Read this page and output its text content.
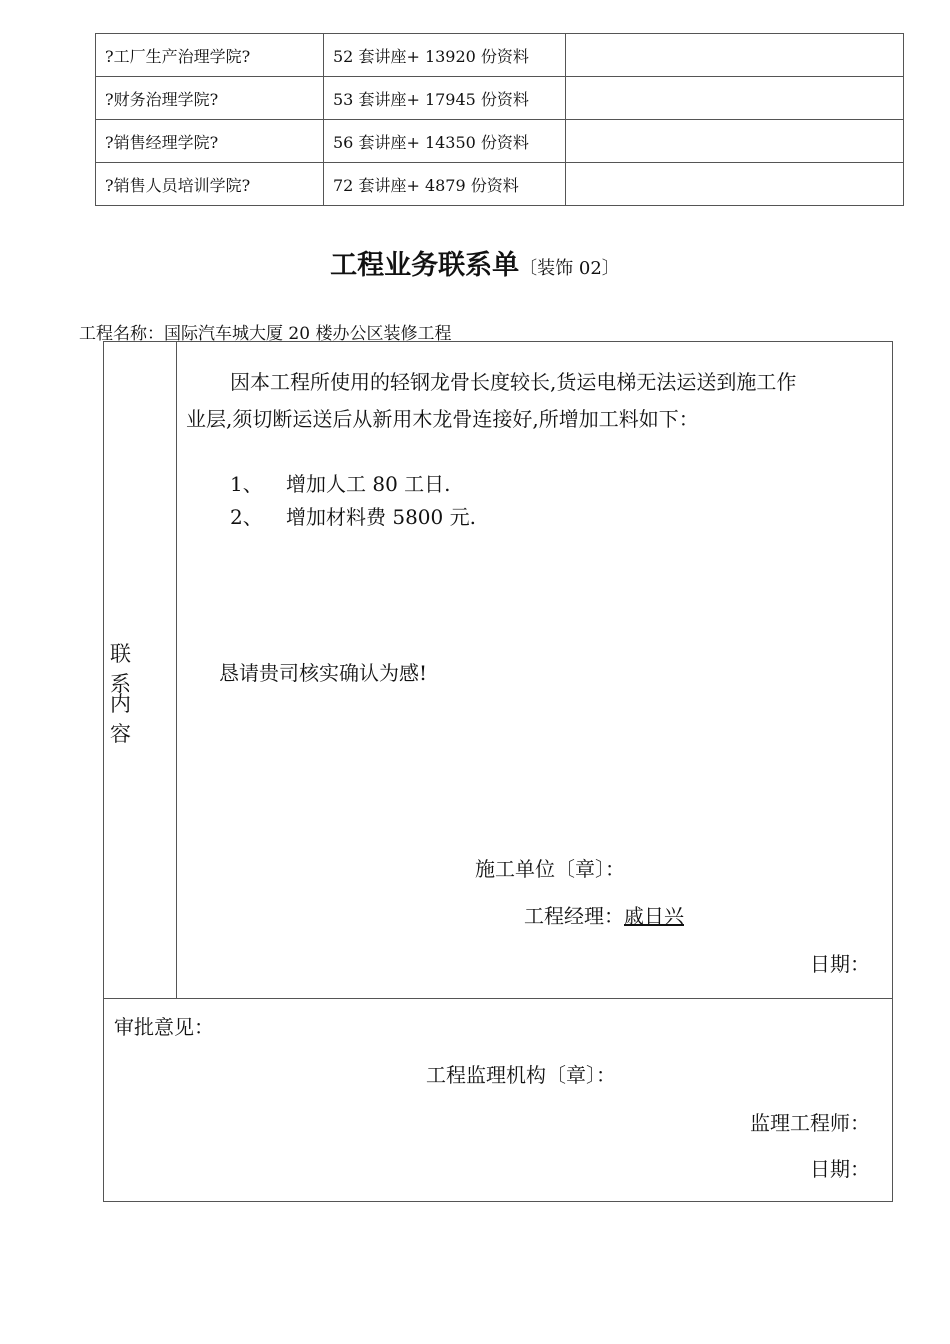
?工厂生产治理学院?	52 套讲座+ 13920 份资料	
?财务治理学院?	53 套讲座+ 17945 份资料	
?销售经理学院?	56 套讲座+ 14350 份资料	
?销售人员培训学院?	72 套讲座+ 4879 份资料	
工程业务联系单〔装饰 02〕
工程名称：国际汽车城大厦 20 楼办公区装修工程
联系
内容
因本工程所使用的轻钢龙骨长度较长,货运电梯无法运送到施工作
业层,须切断运送后从新用木龙骨连接好,所增加工料如下：
1、 增加人工 80 工日.
2、 增加材料费 5800 元.
恳请贵司核实确认为感!
施工单位〔章〕：
工程经理：戚日兴
日期：
审批意见：
工程监理机构〔章〕：
监理工程师：
日期：
